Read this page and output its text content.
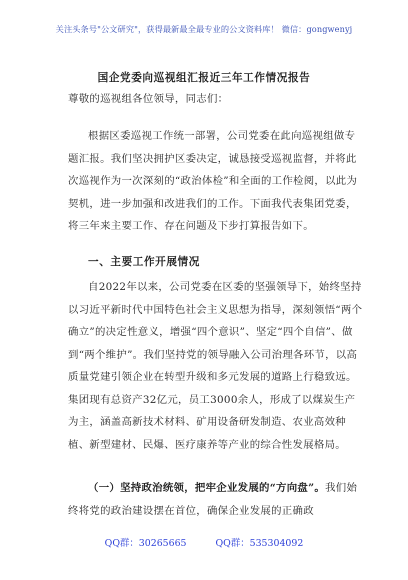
关注头条号"公文研究"，获得最新最全最专业的公文资料库！ 微信：gongwenyj
国企党委向巡视组汇报近三年工作情况报告
尊敬的巡视组各位领导，同志们：
根据区委巡视工作统一部署，公司党委在此向巡视组做专题汇报。我们坚决拥护区委决定，诚恳接受巡视监督，并将此次巡视作为一次深刻的“政治体检”和全面的工作检阅，以此为契机，进一步加强和改进我们的工作。下面我代表集团党委，将三年来主要工作、存在问题及下步打算报告如下。
一、主要工作开展情况
自2022年以来，公司党委在区委的坚强领导下，始终坚持以习近平新时代中国特色社会主义思想为指导，深刻领悟“两个确立”的决定性意义，增强“四个意识”、坚定“四个自信”、做到“两个维护”。我们坚持党的领导融入公司治理各环节，以高质量党建引领企业在转型升级和多元发展的道路上行稳致远。集团现有总资产32亿元，员工3000余人，形成了以煤炭生产为主，涵盖高新技术材料、矿用设备研发制造、农业高效种植、新型建材、民爆、医疗康养等产业的综合性发展格局。
（一）坚持政治统领，把牢企业发展的“方向盘”。我们始终将党的政治建设摆在首位，确保企业发展的正确政
QQ群：30265665	QQ群：535304092
